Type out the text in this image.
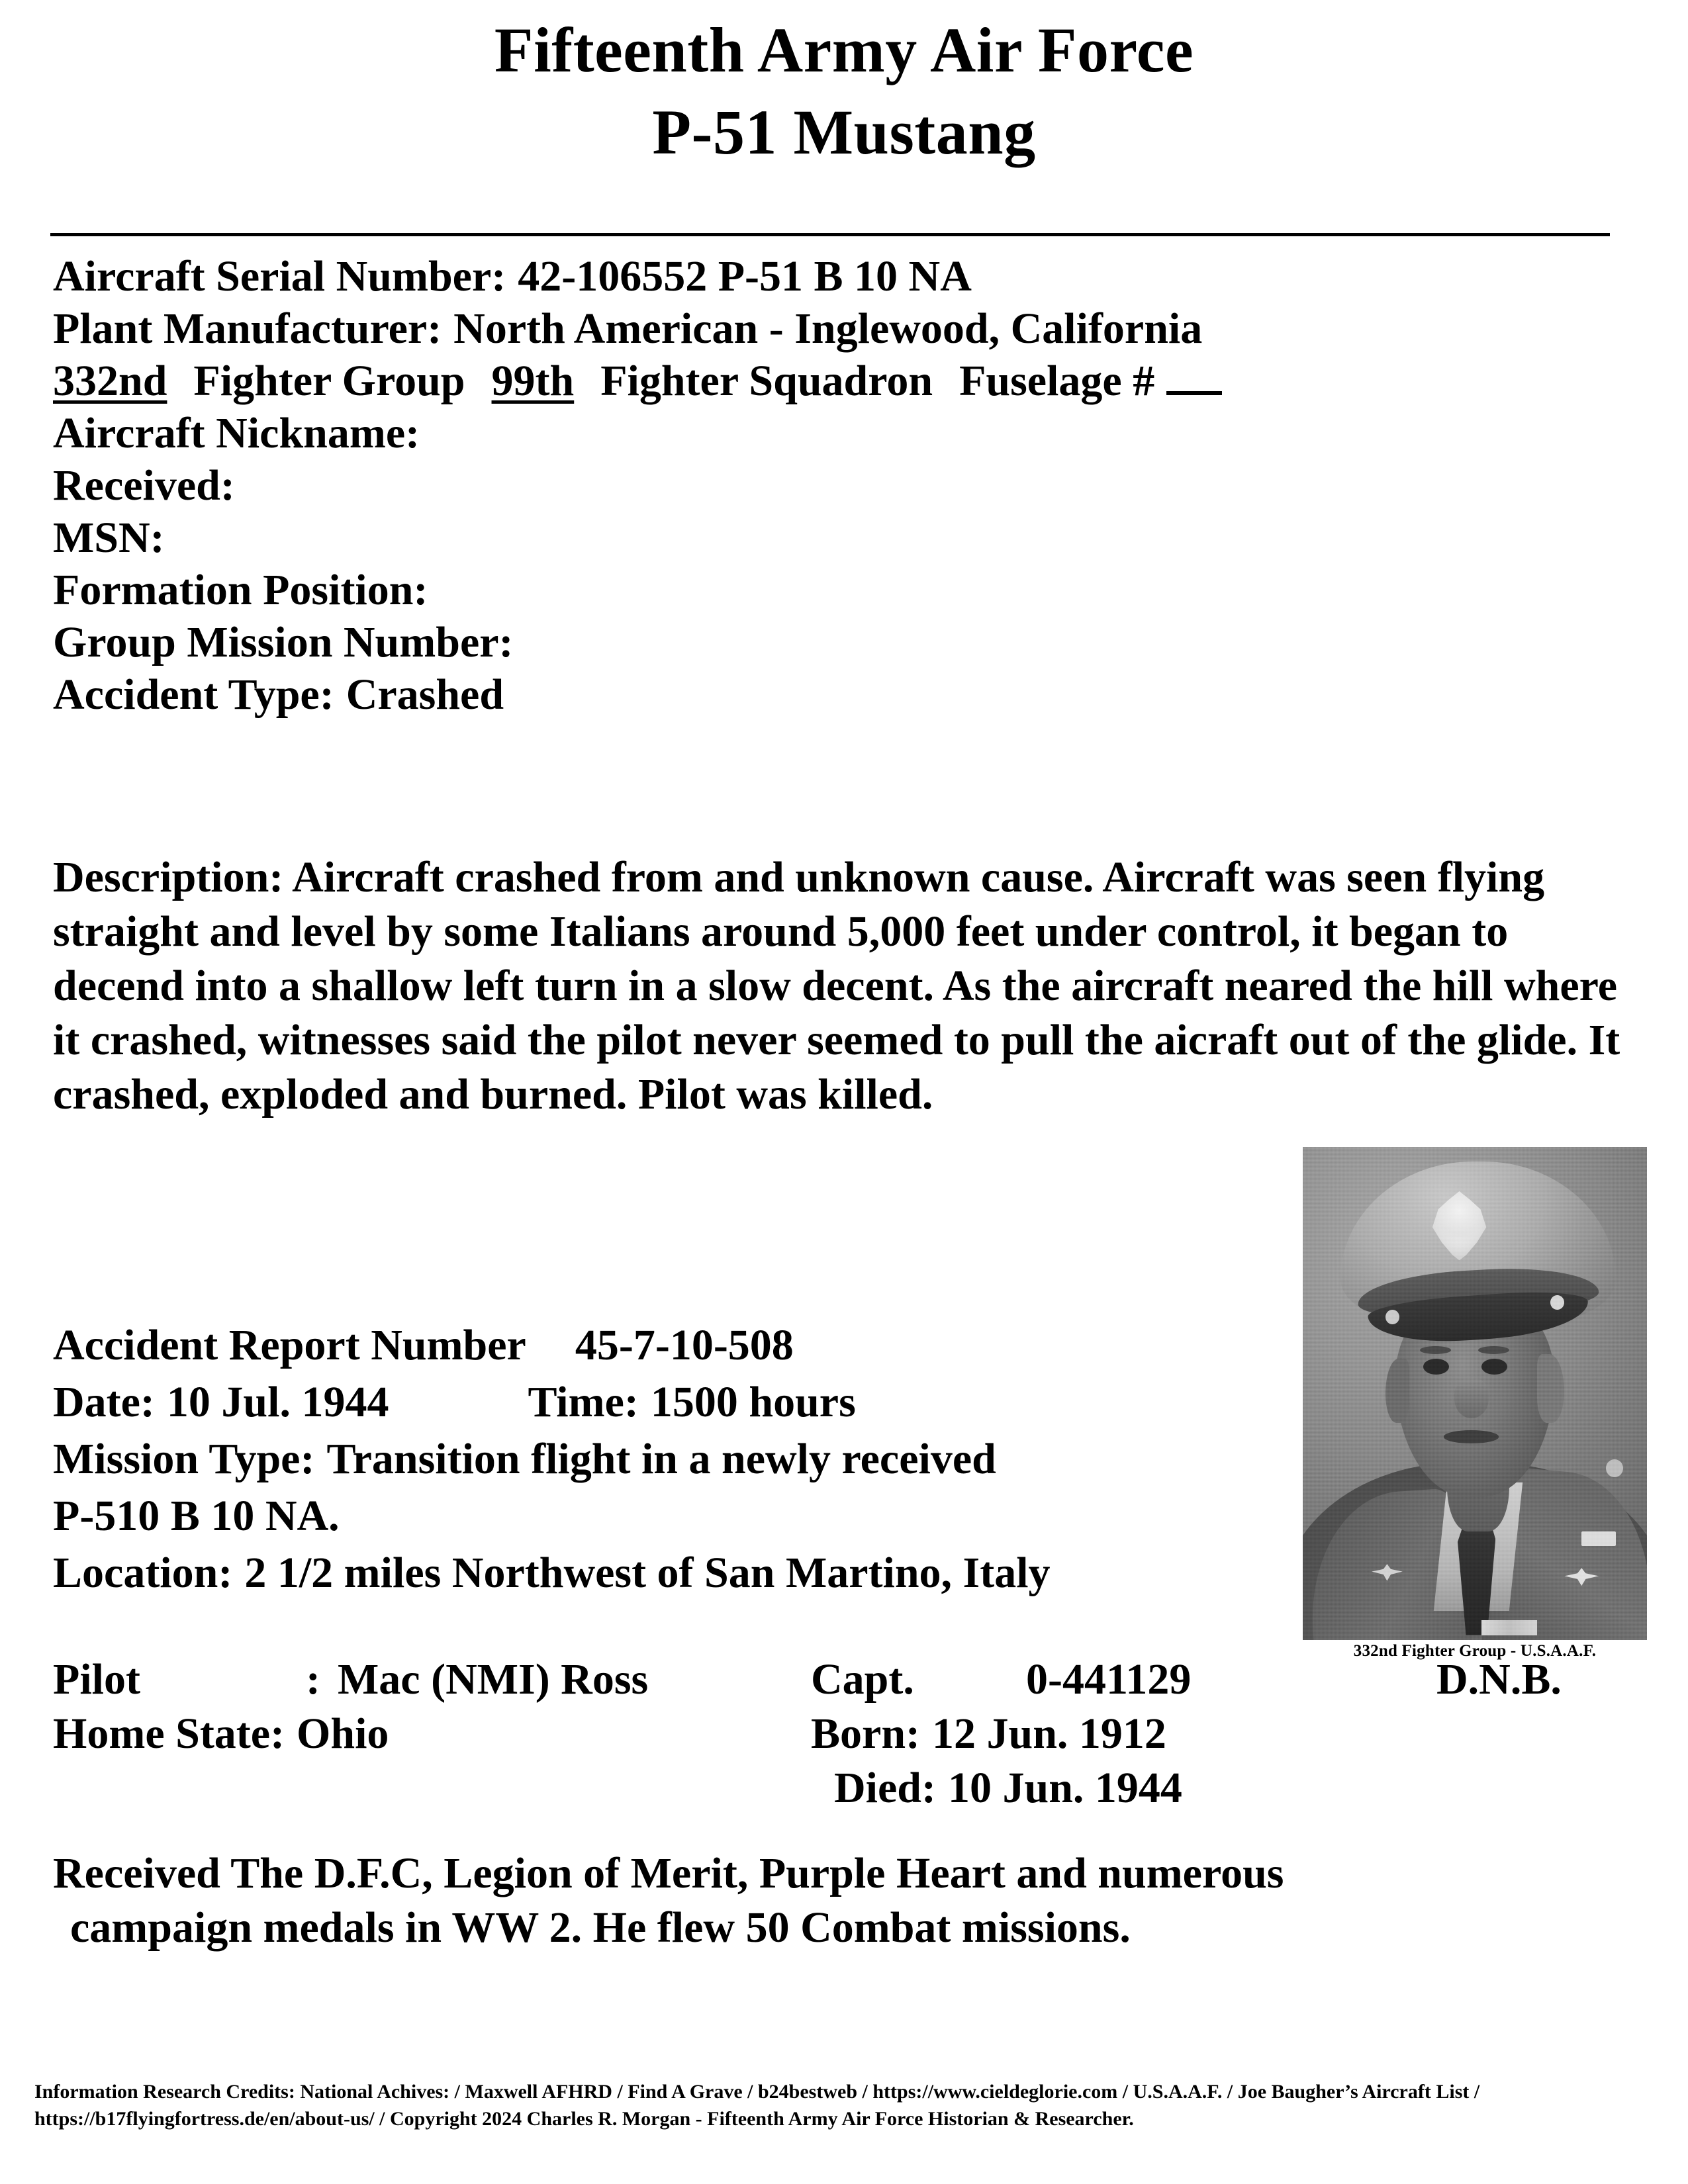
Fifteenth Army Air Force
P-51 Mustang
Aircraft Serial Number: 42-106552 P-51 B 10 NA
Plant Manufacturer: North American - Inglewood, California
332nd Fighter Group 99th Fighter Squadron Fuselage #
Aircraft Nickname:
Received:
MSN:
Formation Position:
Group Mission Number:
Accident Type: Crashed
Description: Aircraft crashed from and unknown cause. Aircraft was seen flying straight and level by some Italians around 5,000 feet under control, it began to decend into a shallow left turn in a slow decent. As the aircraft neared the hill where it crashed, witnesses said the pilot never seemed to pull the aicraft out of the glide. It crashed, exploded and burned. Pilot was killed.
332nd Fighter Group - U.S.A.A.F.
Accident Report Number 45-7-10-508
Date: 10 Jul. 1944	Time: 1500 hours
Mission Type: Transition flight in a newly received
P-510 B 10 NA.
Location: 2 1/2 miles Northwest of San Martino, Italy
Pilot	: Mac (NMI) Ross	Capt.	0-441129	D.N.B.
Home State: Ohio	Born: 12 Jun. 1912
Died: 10 Jun. 1944
Received The D.F.C, Legion of Merit, Purple Heart and numerous
campaign medals in WW 2. He flew 50 Combat missions.
Information Research Credits: National Achives: / Maxwell AFHRD / Find A Grave / b24bestweb / https://www.cieldeglorie.com / U.S.A.A.F. / Joe Baugher’s Aircraft List /
https://b17flyingfortress.de/en/about-us/ / Copyright 2024 Charles R. Morgan - Fifteenth Army Air Force Historian & Researcher.
